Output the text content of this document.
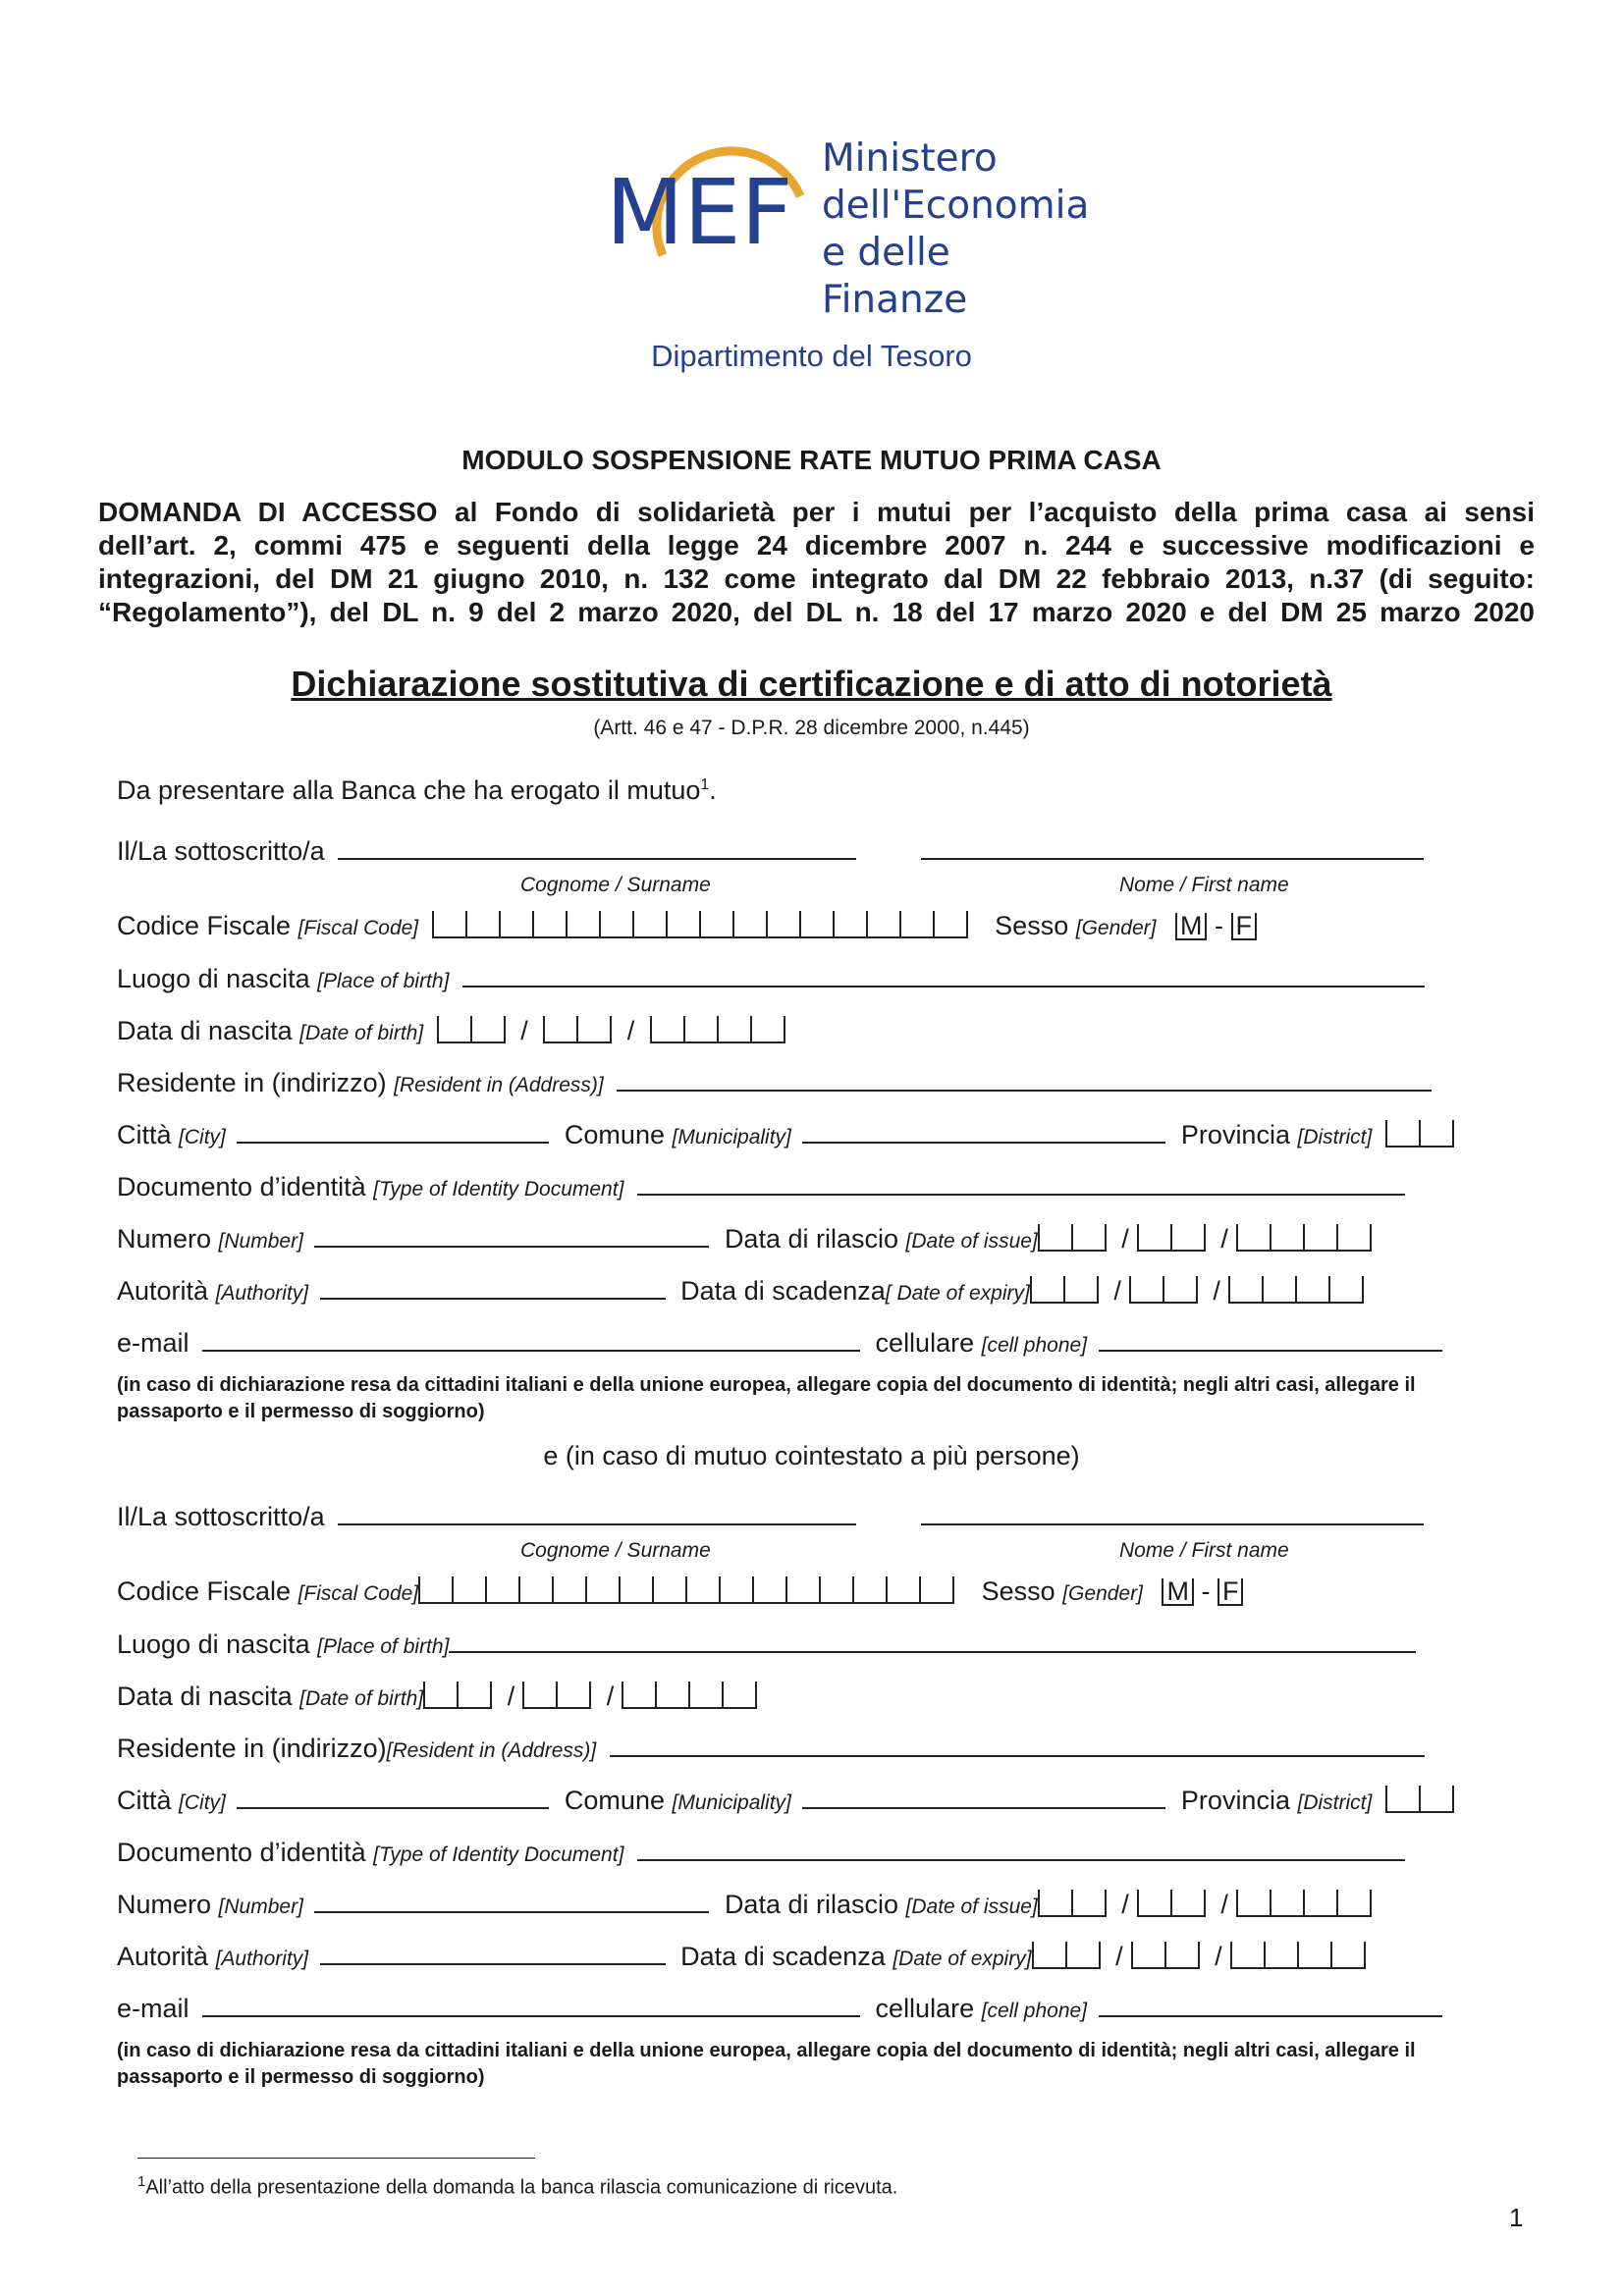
MEF
Ministero
dell'Economia
e delle Finanze
Dipartimento del Tesoro
MODULO SOSPENSIONE RATE MUTUO PRIMA CASA
DOMANDA DI ACCESSO al Fondo di solidarietà per i mutui per l’acquisto della prima casa ai sensi
dell’art. 2, commi 475 e seguenti della legge 24 dicembre 2007 n. 244 e successive modificazioni e
integrazioni, del DM 21 giugno 2010, n. 132 come integrato dal DM 22 febbraio 2013, n.37 (di seguito:
“Regolamento”), del DL n. 9 del 2 marzo 2020, del DL n. 18 del 17 marzo 2020 e del DM 25 marzo 2020
Dichiarazione sostitutiva di certificazione e di atto di notorietà
(Artt. 46 e 47 - D.P.R. 28 dicembre 2000, n.445)
Da presentare alla Banca che ha erogato il mutuo$^1$.
Il/La sottoscritto/a
Cognome / Surname	Nome / First name
Codice Fiscale [Fiscal Code]	Sesso [Gender] M - F
Luogo di nascita [Place of birth]
Data di nascita [Date of birth]	/	/
Residente in (indirizzo) [Resident in (Address)]
Città [City]	Comune [Municipality]	Provincia [District]
Documento d’identità [Type of Identity Document]
Numero [Number]	Data di rilascio [Date of issue]	/	/
Autorità [Authority]	Data di scadenza[ Date of expiry]	/	/
e-mail	cellulare [cell phone]
(in caso di dichiarazione resa da cittadini italiani e della unione europea, allegare copia del documento di identità; negli altri casi, allegare il passaporto e il permesso di soggiorno)
e (in caso di mutuo cointestato a più persone)
Il/La sottoscritto/a
Cognome / Surname	Nome / First name
Codice Fiscale [Fiscal Code]	Sesso [Gender] M - F
Luogo di nascita [Place of birth]
Data di nascita [Date of birth]	/	/
Residente in (indirizzo)[Resident in (Address)]
Città [City]	Comune [Municipality]	Provincia [District]
Documento d’identità [Type of Identity Document]
Numero [Number]	Data di rilascio [Date of issue]	/	/
Autorità [Authority]	Data di scadenza [Date of expiry]	/	/
e-mail	cellulare [cell phone]
(in caso di dichiarazione resa da cittadini italiani e della unione europea, allegare copia del documento di identità; negli altri casi, allegare il passaporto e il permesso di soggiorno)
$^1$All’atto della presentazione della domanda la banca rilascia comunicazione di ricevuta.
1
